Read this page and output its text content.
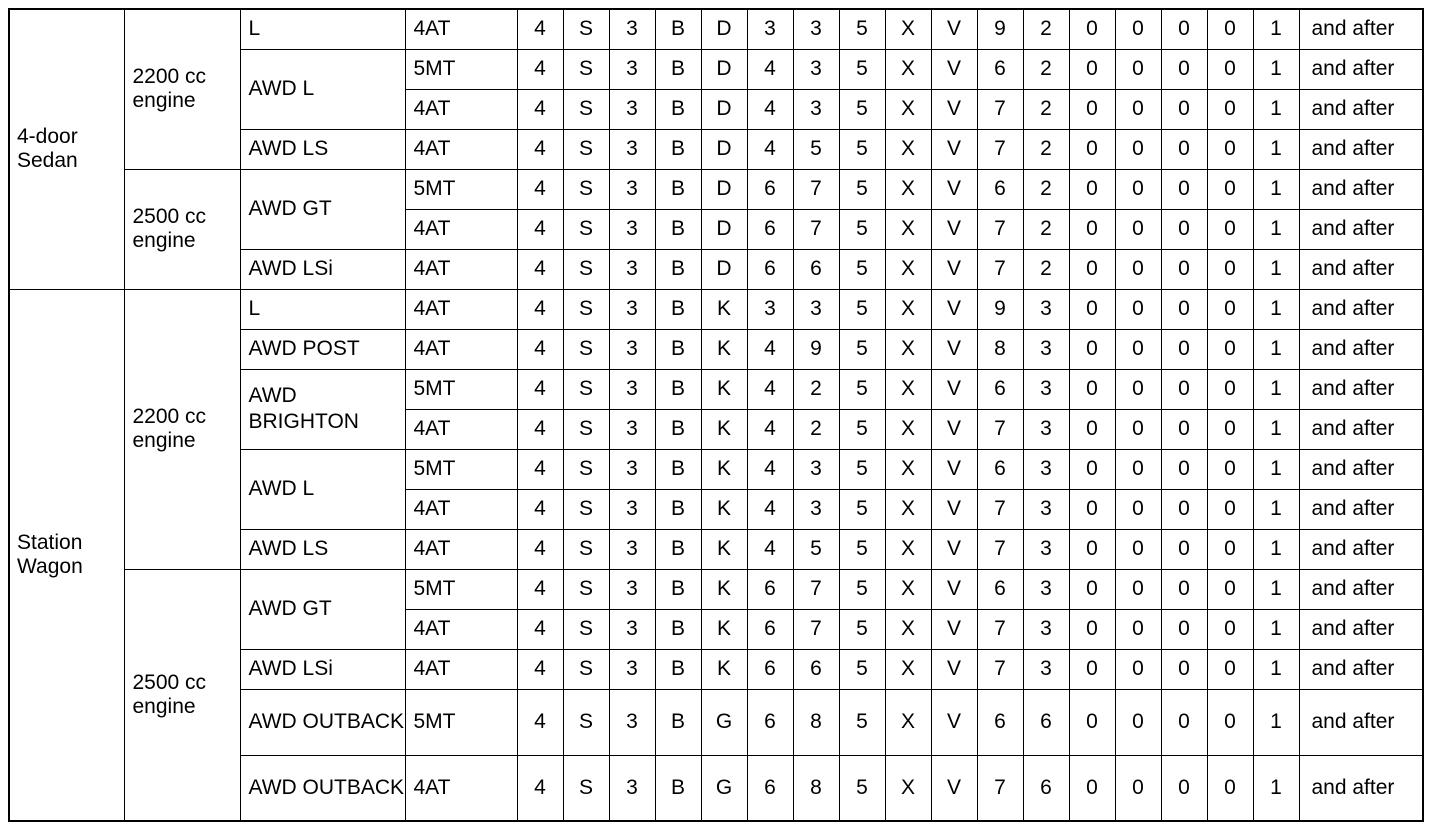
4-door Sedan	2200 cc engine	L	4AT	4	S	3	B	D	3	3	5	X	V	9	2	0	0	0	0	1	and after
		AWD L	5MT	4	S	3	B	D	4	3	5	X	V	6	2	0	0	0	0	1	and after
			4AT	4	S	3	B	D	4	3	5	X	V	7	2	0	0	0	0	1	and after
		AWD LS	4AT	4	S	3	B	D	4	5	5	X	V	7	2	0	0	0	0	1	and after
	2500 cc engine	AWD GT	5MT	4	S	3	B	D	6	7	5	X	V	6	2	0	0	0	0	1	and after
			4AT	4	S	3	B	D	6	7	5	X	V	7	2	0	0	0	0	1	and after
		AWD LSi	4AT	4	S	3	B	D	6	6	5	X	V	7	2	0	0	0	0	1	and after
Station Wagon	2200 cc engine	L	4AT	4	S	3	B	K	3	3	5	X	V	9	3	0	0	0	0	1	and after
		AWD POST	4AT	4	S	3	B	K	4	9	5	X	V	8	3	0	0	0	0	1	and after
		AWD BRIGHTON	5MT	4	S	3	B	K	4	2	5	X	V	6	3	0	0	0	0	1	and after
			4AT	4	S	3	B	K	4	2	5	X	V	7	3	0	0	0	0	1	and after
		AWD L	5MT	4	S	3	B	K	4	3	5	X	V	6	3	0	0	0	0	1	and after
			4AT	4	S	3	B	K	4	3	5	X	V	7	3	0	0	0	0	1	and after
		AWD LS	4AT	4	S	3	B	K	4	5	5	X	V	7	3	0	0	0	0	1	and after
	2500 cc engine	AWD GT	5MT	4	S	3	B	K	6	7	5	X	V	6	3	0	0	0	0	1	and after
			4AT	4	S	3	B	K	6	7	5	X	V	7	3	0	0	0	0	1	and after
		AWD LSi	4AT	4	S	3	B	K	6	6	5	X	V	7	3	0	0	0	0	1	and after
		AWD OUTBACK	5MT	4	S	3	B	G	6	8	5	X	V	6	6	0	0	0	0	1	and after
		AWD OUTBACK	4AT	4	S	3	B	G	6	8	5	X	V	7	6	0	0	0	0	1	and after
